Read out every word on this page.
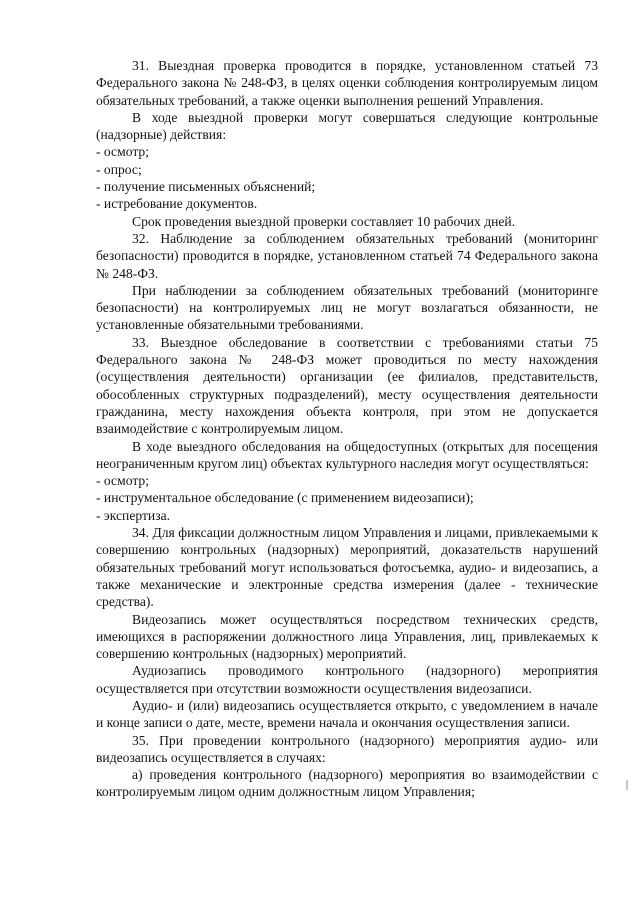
31. Выездная проверка проводится в порядке, установленном статьей 73 Федерального закона № 248-ФЗ, в целях оценки соблюдения контролируемым лицом обязательных требований, а также оценки выполнения решений Управления.

В ходе выездной проверки могут совершаться следующие контрольные (надзорные) действия:

- осмотр;

- опрос;

- получение письменных объяснений;

- истребование документов.

Срок проведения выездной проверки составляет 10 рабочих дней.

32. Наблюдение за соблюдением обязательных требований (мониторинг безопасности) проводится в порядке, установленном статьей 74 Федерального закона № 248-ФЗ.

При наблюдении за соблюдением обязательных требований (мониторинге безопасности) на контролируемых лиц не могут возлагаться обязанности, не установленные обязательными требованиями.

33. Выездное обследование в соответствии с требованиями статьи 75 Федерального закона № 248-ФЗ может проводиться по месту нахождения (осуществления деятельности) организации (ее филиалов, представительств, обособленных структурных подразделений), месту осуществления деятельности гражданина, месту нахождения объекта контроля, при этом не допускается взаимодействие с контролируемым лицом.

В ходе выездного обследования на общедоступных (открытых для посещения неограниченным кругом лиц) объектах культурного наследия могут осуществляться:

- осмотр;

- инструментальное обследование (с применением видеозаписи);

- экспертиза.

34. Для фиксации должностным лицом Управления и лицами, привлекаемыми к совершению контрольных (надзорных) мероприятий, доказательств нарушений обязательных требований могут использоваться фотосъемка, аудио- и видеозапись, а также механические и электронные средства измерения (далее - технические средства).

Видеозапись может осуществляться посредством технических средств, имеющихся в распоряжении должностного лица Управления, лиц, привлекаемых к совершению контрольных (надзорных) мероприятий.

Аудиозапись проводимого контрольного (надзорного) мероприятия осуществляется при отсутствии возможности осуществления видеозаписи.

Аудио- и (или) видеозапись осуществляется открыто, с уведомлением в начале и конце записи о дате, месте, времени начала и окончания осуществления записи.

35. При проведении контрольного (надзорного) мероприятия аудио- или видеозапись осуществляется в случаях:

а) проведения контрольного (надзорного) мероприятия во взаимодействии с контролируемым лицом одним должностным лицом Управления;
